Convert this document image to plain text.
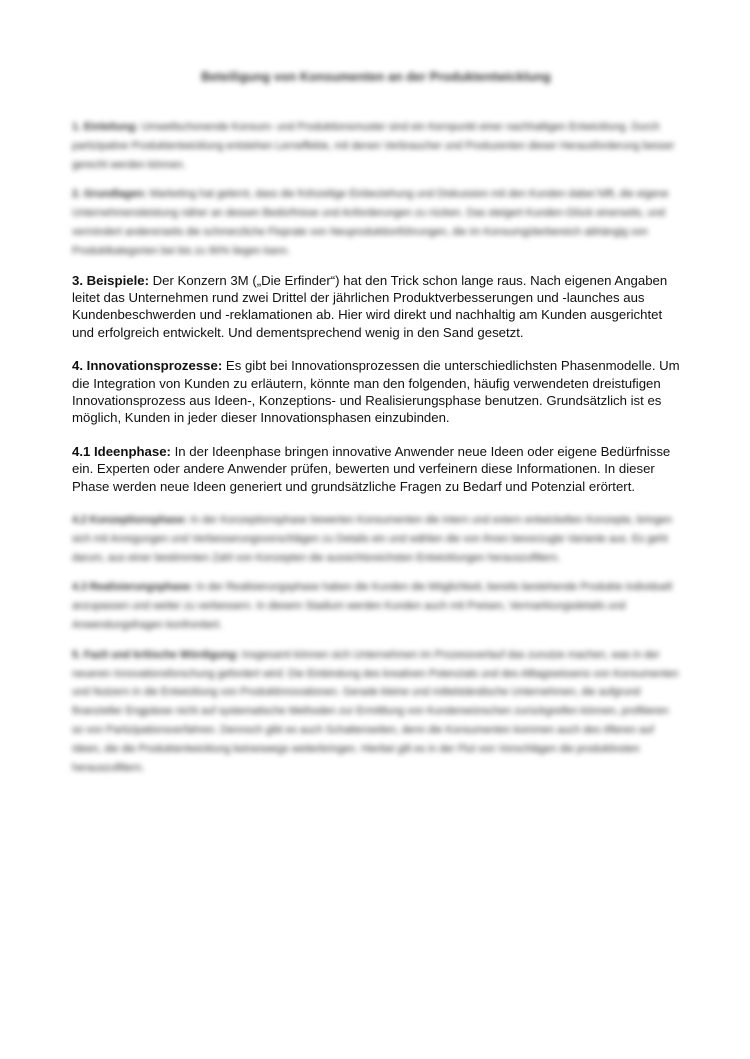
Beteiligung von Konsumenten an der Produktentwicklung

1. Einleitung: Umweltschonende Konsum- und Produktionsmuster sind ein Kernpunkt einer nachhaltigen Entwicklung. Durch partizipative Produktentwicklung entstehen Lerneffekte, mit denen Verbraucher und Produzenten dieser Herausforderung besser gerecht werden können.

2. Grundlagen: Marketing hat gelernt, dass die frühzeitige Einbeziehung und Diskussion mit den Kunden dabei hilft, die eigene Unternehmensleistung näher an dessen Bedürfnisse und Anforderungen zu rücken. Das steigert Kunden-Glück einerseits, und vermindert andererseits die schmerzliche Floprate von Neuproduktionführungen, die im Konsumgüterbereich abhängig von Produktkategorien bei bis zu 90% liegen kann.

3. Beispiele: Der Konzern 3M („Die Erfinder“) hat den Trick schon lange raus. Nach eigenen Angaben leitet das Unternehmen rund zwei Drittel der jährlichen Produktverbesserungen und -launches aus Kundenbeschwerden und -reklamationen ab. Hier wird direkt und nachhaltig am Kunden ausgerichtet und erfolgreich entwickelt. Und dementsprechend wenig in den Sand gesetzt.

4. Innovationsprozesse: Es gibt bei Innovationsprozessen die unterschiedlichsten Phasenmodelle. Um die Integration von Kunden zu erläutern, könnte man den folgenden, häufig verwendeten dreistufigen Innovationsprozess aus Ideen-, Konzeptions- und Realisierungsphase benutzen. Grundsätzlich ist es möglich, Kunden in jeder dieser Innovationsphasen einzubinden.

4.1 Ideenphase: In der Ideenphase bringen innovative Anwender neue Ideen oder eigene Bedürfnisse ein. Experten oder andere Anwender prüfen, bewerten und verfeinern diese Informationen. In dieser Phase werden neue Ideen generiert und grundsätzliche Fragen zu Bedarf und Potenzial erörtert.

4.2 Konzeptionsphase: In der Konzeptionsphase bewerten Konsumenten die intern und extern entwickelten Konzepte, bringen sich mit Anregungen und Verbesserungsvorschlägen zu Details ein und wählen die von ihnen bevorzugte Variante aus. Es geht darum, aus einer bestimmten Zahl von Konzepten die aussichtsreichsten Entwicklungen herauszufiltern.

4.3 Realisierungsphase: In der Realisierungsphase haben die Kunden die Möglichkeit, bereits bestehende Produkte individuell anzupassen und weiter zu verbessern. In diesem Stadium werden Kunden auch mit Preisen, Vermarktungsdetails und Anwendungsfragen konfrontiert.

5. Fazit und kritische Würdigung: Insgesamt können sich Unternehmen im Prozessverlauf das zunutze machen, was in der neueren Innovationsforschung gefordert wird: Die Einbindung des kreativen Potenzials und des Alltagswissens von Konsumenten und Nutzern in die Entwicklung von Produktinnovationen. Gerade kleine und mittelständische Unternehmen, die aufgrund finanzieller Engpässe nicht auf systematische Methoden zur Ermittlung von Kundenwünschen zurückgreifen können, profitieren so von Partizipationsverfahren. Dennoch gibt es auch Schattenseiten, denn die Konsumenten kommen auch des öfteren auf Ideen, die die Produktentwicklung keineswegs weiterbringen. Hierbei gilt es in der Flut von Vorschlägen die produktivsten herauszufiltern.
